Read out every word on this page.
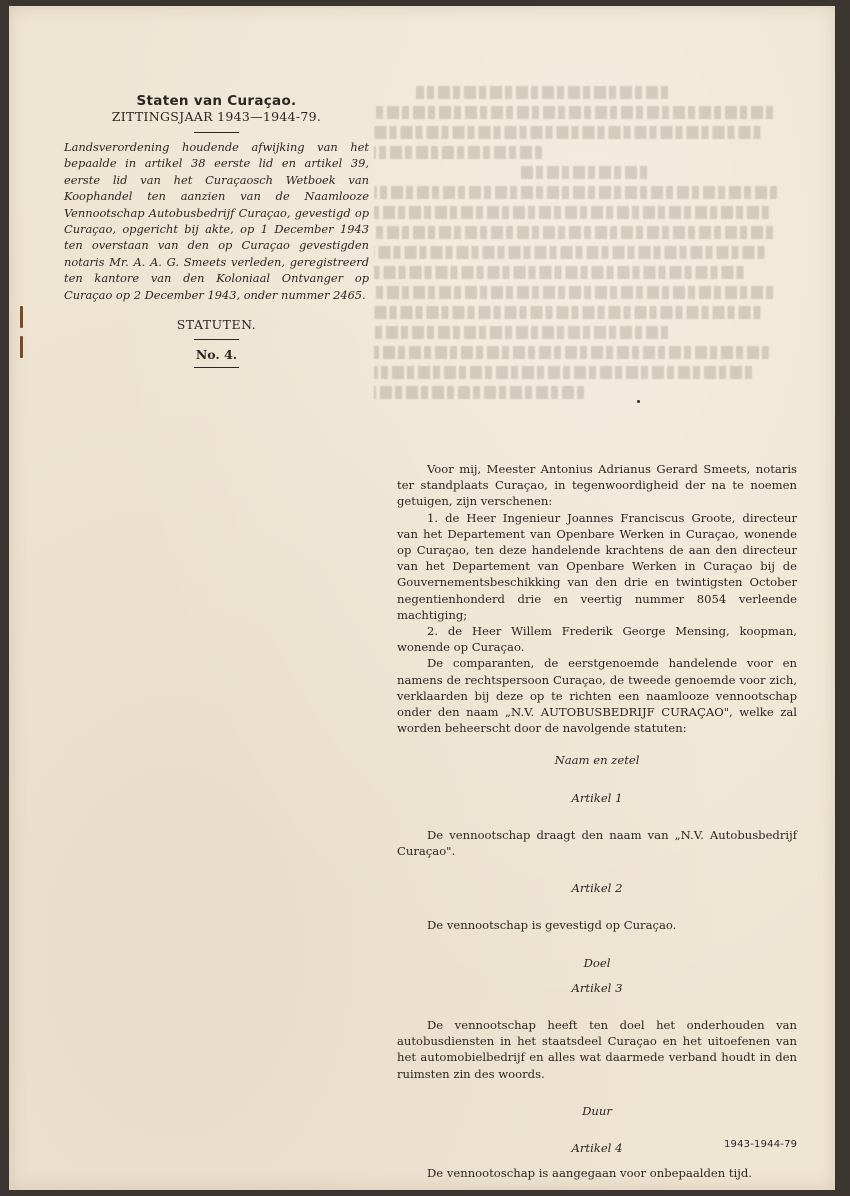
Staten van Curaçao.
ZITTINGSJAAR 1943—1944-79.

Landsverordening houdende afwijking van het bepaalde in artikel 38 eerste lid en artikel 39, eerste lid van het Curaçaosch Wetboek van Koophandel ten aanzien van de Naamlooze Vennootschap Autobusbedrijf Curaçao, gevestigd op Curaçao, opgericht bij akte, op 1 December 1943 ten overstaan van den op Curaçao gevestigden notaris Mr. A. A. G. Smeets verleden, geregistreerd ten kantore van den Koloniaal Ontvanger op Curaçao op 2 December 1943, onder nummer 2465.

STATUTEN.
No. 4.

Voor mij, Meester Antonius Adrianus Gerard Smeets, notaris ter standplaats Curaçao, in tegenwoordigheid der na te noemen getuigen, zijn verschenen:

1. de Heer Ingenieur Joannes Franciscus Groote, directeur van het Departement van Openbare Werken in Curaçao, wonende op Curaçao, ten deze handelende krachtens de aan den directeur van het Departement van Openbare Werken in Curaçao bij de Gouvernementsbeschikking van den drie en twintigsten October negentienhonderd drie en veertig nummer 8054 verleende machtiging;

2. de Heer Willem Frederik George Mensing, koopman, wonende op Curaçao.

De comparanten, de eerstgenoemde handelende voor en namens de rechtspersoon Curaçao, de tweede genoemde voor zich, verklaarden bij deze op te richten een naamlooze vennootschap onder den naam „N.V. AUTOBUSBEDRIJF CURAÇAO", welke zal worden beheerscht door de navolgende statuten:

Naam en zetel

Artikel 1

De vennootschap draagt den naam van „N.V. Autobusbedrijf Curaçao".

Artikel 2

De vennootschap is gevestigd op Curaçao.

Doel

Artikel 3

De vennootschap heeft ten doel het onderhouden van autobusdiensten in het staatsdeel Curaçao en het uitoefenen van het automobielbedrijf en alles wat daarmede verband houdt in den ruimsten zin des woords.

Duur

Artikel 4

De vennootoschap is aangegaan voor onbepaalden tijd.

1943-1944-79
